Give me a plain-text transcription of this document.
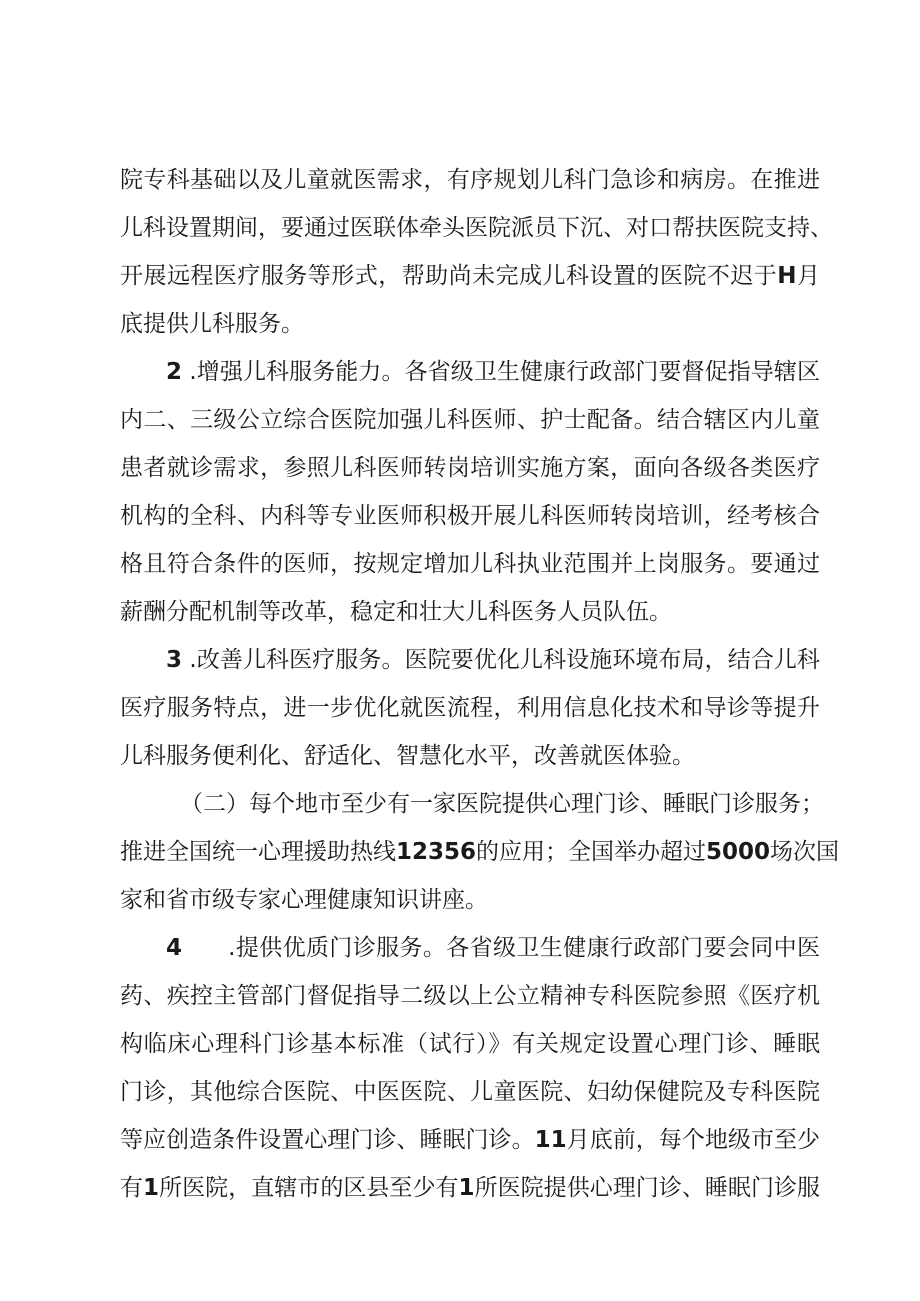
院专科基础以及儿童就医需求，有序规划儿科门急诊和病房。在推进
儿科设置期间，要通过医联体牵头医院派员下沉、对口帮扶医院支持、
开展远程医疗服务等形式，帮助尚未完成儿科设置的医院不迟于H月
底提供儿科服务。
2 .增强儿科服务能力。各省级卫生健康行政部门要督促指导辖区
内二、三级公立综合医院加强儿科医师、护士配备。结合辖区内儿童
患者就诊需求，参照儿科医师转岗培训实施方案，面向各级各类医疗
机构的全科、内科等专业医师积极开展儿科医师转岗培训，经考核合
格且符合条件的医师，按规定增加儿科执业范围并上岗服务。要通过
薪酬分配机制等改革，稳定和壮大儿科医务人员队伍。
3 .改善儿科医疗服务。医院要优化儿科设施环境布局，结合儿科
医疗服务特点，进一步优化就医流程，利用信息化技术和导诊等提升
儿科服务便利化、舒适化、智慧化水平，改善就医体验。
（二）每个地市至少有一家医院提供心理门诊、睡眠门诊服务；
推进全国统一心理援助热线12356的应用；全国举办超过5000场次国
家和省市级专家心理健康知识讲座。
4      .提供优质门诊服务。各省级卫生健康行政部门要会同中医
药、疾控主管部门督促指导二级以上公立精神专科医院参照《医疗机
构临床心理科门诊基本标准（试行）》有关规定设置心理门诊、睡眠
门诊，其他综合医院、中医医院、儿童医院、妇幼保健院及专科医院
等应创造条件设置心理门诊、睡眠门诊。11月底前，每个地级市至少
有1所医院，直辖市的区县至少有1所医院提供心理门诊、睡眠门诊服
